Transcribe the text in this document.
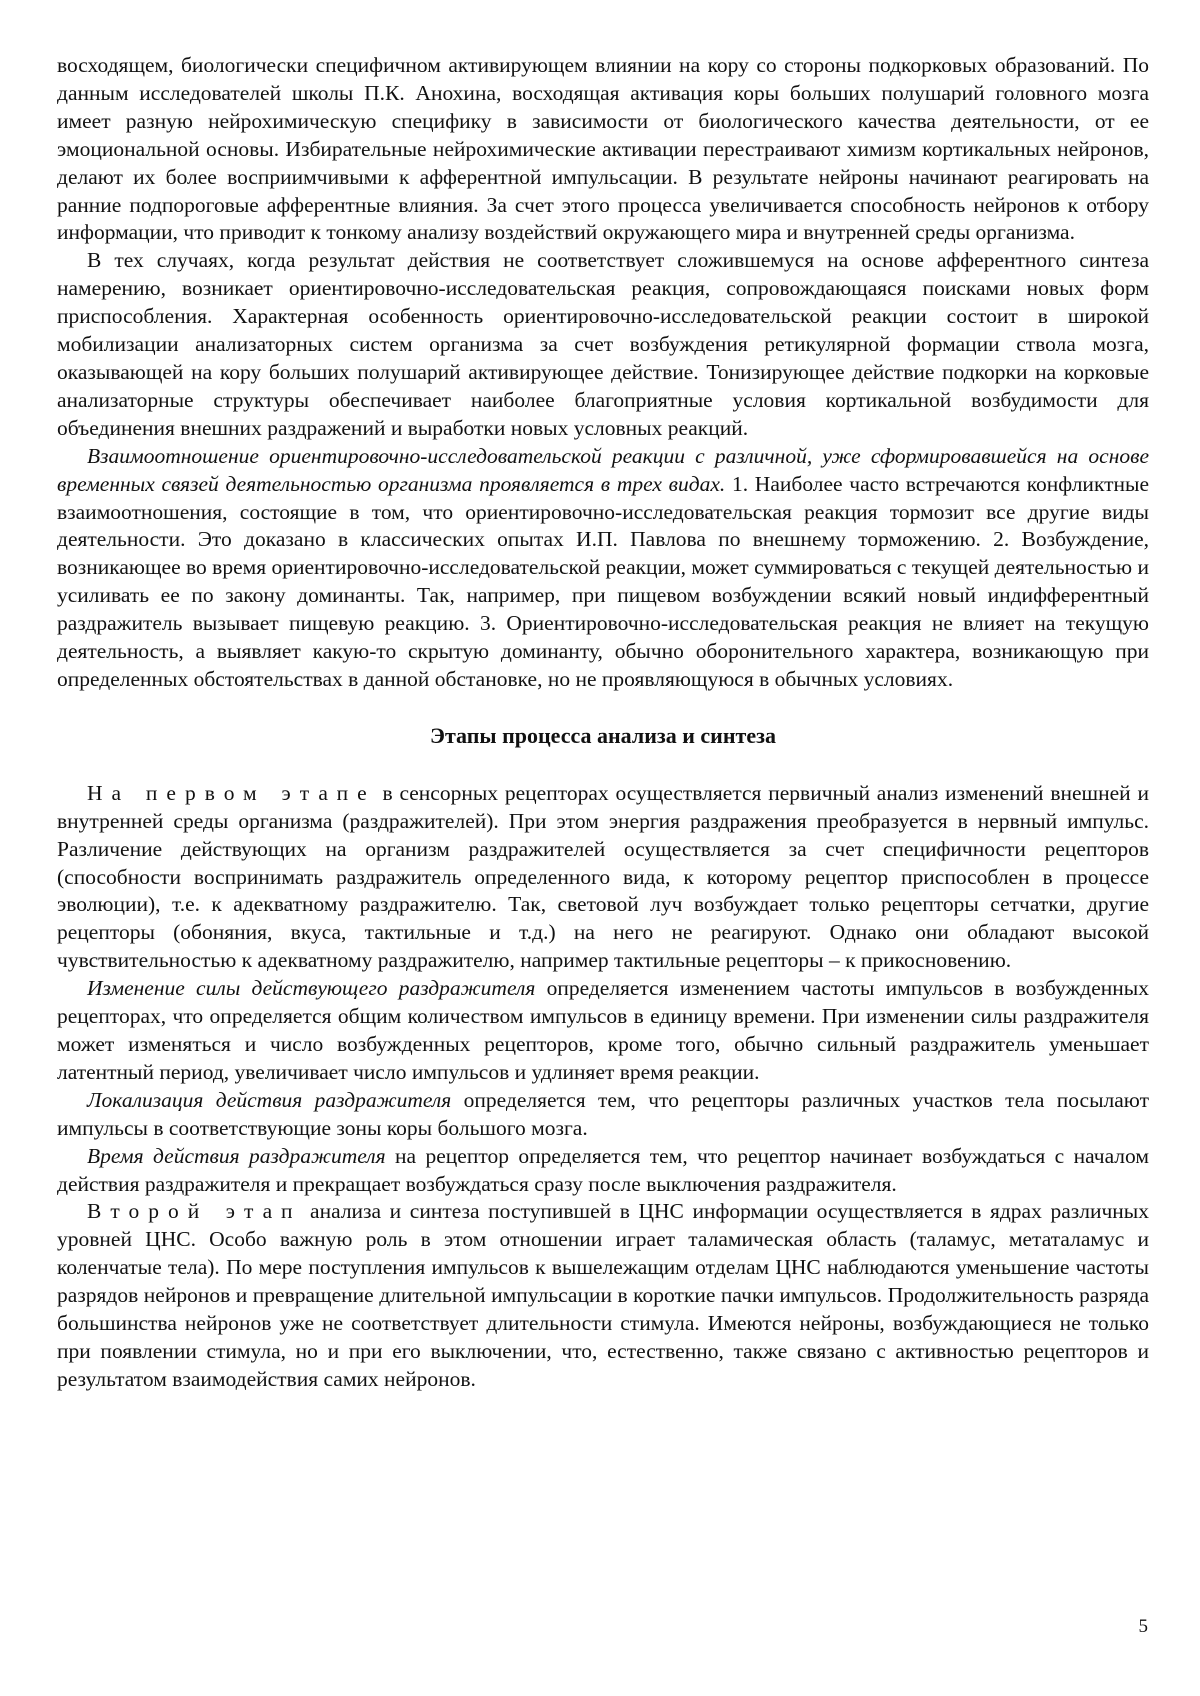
восходящем, биологически специфичном активирующем влиянии на кору со стороны подкорковых образований. По данным исследователей школы П.К. Анохина, восходящая активация коры больших полушарий головного мозга имеет разную нейрохимическую специфику в зависимости от биологического качества деятельности, от ее эмоциональной основы. Избирательные нейрохимические активации перестраивают химизм кортикальных нейронов, делают их более восприимчивыми к афферентной импульсации. В результате нейроны начинают реагировать на ранние подпороговые афферентные влияния. За счет этого процесса увеличивается способность нейронов к отбору информации, что приводит к тонкому анализу воздействий окружающего мира и внутренней среды организма.

В тех случаях, когда результат действия не соответствует сложившемуся на основе афферентного синтеза намерению, возникает ориентировочно-исследовательская реакция, сопровождающаяся поисками новых форм приспособления. Характерная особенность ориентировочно-исследовательской реакции состоит в широкой мобилизации анализаторных систем организма за счет возбуждения ретикулярной формации ствола мозга, оказывающей на кору больших полушарий активирующее действие. Тонизирующее действие подкорки на корковые анализаторные структуры обеспечивает наиболее благоприятные условия кортикальной возбудимости для объединения внешних раздражений и выработки новых условных реакций.

Взаимоотношение ориентировочно-исследовательской реакции с различной, уже сформировавшейся на основе временных связей деятельностью организма проявляется в трех видах. 1. Наиболее часто встречаются конфликтные взаимоотношения, состоящие в том, что ориентировочно-исследовательская реакция тормозит все другие виды деятельности. Это доказано в классических опытах И.П. Павлова по внешнему торможению. 2. Возбуждение, возникающее во время ориентировочно-исследовательской реакции, может суммироваться с текущей деятельностью и усиливать ее по закону доминанты. Так, например, при пищевом возбуждении всякий новый индифферентный раздражитель вызывает пищевую реакцию. 3. Ориентировочно-исследовательская реакция не влияет на текущую деятельность, а выявляет какую-то скрытую доминанту, обычно оборонительного характера, возникающую при определенных обстоятельствах в данной обстановке, но не проявляющуюся в обычных условиях.

Этапы процесса анализа и синтеза

На первом этапе в сенсорных рецепторах осуществляется первичный анализ изменений внешней и внутренней среды организма (раздражителей). При этом энергия раздражения преобразуется в нервный импульс. Различение действующих на организм раздражителей осуществляется за счет специфичности рецепторов (способности воспринимать раздражитель определенного вида, к которому рецептор приспособлен в процессе эволюции), т.е. к адекватному раздражителю. Так, световой луч возбуждает только рецепторы сетчатки, другие рецепторы (обоняния, вкуса, тактильные и т.д.) на него не реагируют. Однако они обладают высокой чувствительностью к адекватному раздражителю, например тактильные рецепторы – к прикосновению.

Изменение силы действующего раздражителя определяется изменением частоты импульсов в возбужденных рецепторах, что определяется общим количеством импульсов в единицу времени. При изменении силы раздражителя может изменяться и число возбужденных рецепторов, кроме того, обычно сильный раздражитель уменьшает латентный период, увеличивает число импульсов и удлиняет время реакции.

Локализация действия раздражителя определяется тем, что рецепторы различных участков тела посылают импульсы в соответствующие зоны коры большого мозга.

Время действия раздражителя на рецептор определяется тем, что рецептор начинает возбуждаться с началом действия раздражителя и прекращает возбуждаться сразу после выключения раздражителя.

Второй этап анализа и синтеза поступившей в ЦНС информации осуществляется в ядрах различных уровней ЦНС. Особо важную роль в этом отношении играет таламическая область (таламус, метаталамус и коленчатые тела). По мере поступления импульсов к вышележащим отделам ЦНС наблюдаются уменьшение частоты разрядов нейронов и превращение длительной импульсации в короткие пачки импульсов. Продолжительность разряда большинства нейронов уже не соответствует длительности стимула. Имеются нейроны, возбуждающиеся не только при появлении стимула, но и при его выключении, что, естественно, также связано с активностью рецепторов и результатом взаимодействия самих нейронов.

5
